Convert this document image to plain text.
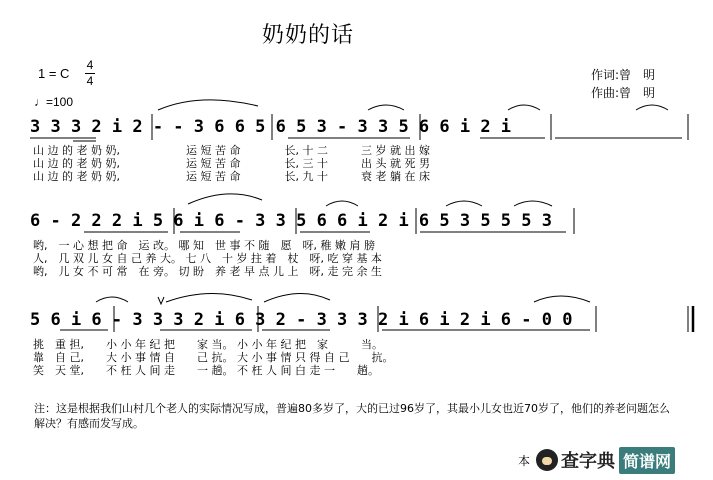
奶奶的话
1 = C
4
4
♩=100
作词:曾　明
作曲:曾　明
3 3 3 2 i 2 - - 3 6 6 5 6 5 3 - 3 3 5 6 6 i 2 i
山 边 的 老 奶 奶,　　　　　　运 短 苦 命　　　　长, 十 二　　　三 岁 就 出 嫁
山 边 的 老 奶 奶,　　　　　　运 短 苦 命　　　　长, 三 十　　　出 头 就 死 男
山 边 的 老 奶 奶,　　　　　　运 短 苦 命　　　　长, 九 十　　　衰 老 躺 在 床
6 - 2 2 2 i 5 6 i 6 - 3 3 5 6 6 i 2 i 6 5 3 5 5 5 3
哟,　一 心 想 把 命　运 改。 哪 知　世 事 不 随　愿　呀, 稚 嫩 肩 膀
人,　几 双 儿 女 自 己 养 大。 七 八　十 岁 拄 着　杖　呀, 吃 穿 基 本
哟,　儿 女 不 可 常　在 旁。 切 盼　养 老 早 点 儿 上　呀, 走 完 余 生
5 6 i 6 - 3 3 3 2 i 6 3 2 - 3 3 3 2 i 6 i 2 i 6 - 0 0
挑　重 担,　　小 小 年 纪 把　　家 当。 小 小 年 纪 把　家　　　当。
靠　自 己,　　大 小 事 情 自　　己 抗。 大 小 事 情 只 得 自 己　　抗。
笑　天 堂,　　不 枉 人 间 走　　一 趟。 不 枉 人 间 白 走 一　　趟。
注：这是根据我们山村几个老人的实际情况写成，普遍80多岁了，大的已过96岁了，其最小儿女也近70岁了，他们的养老问题怎么解决？有感而发写成。
本 查字典 简谱网
